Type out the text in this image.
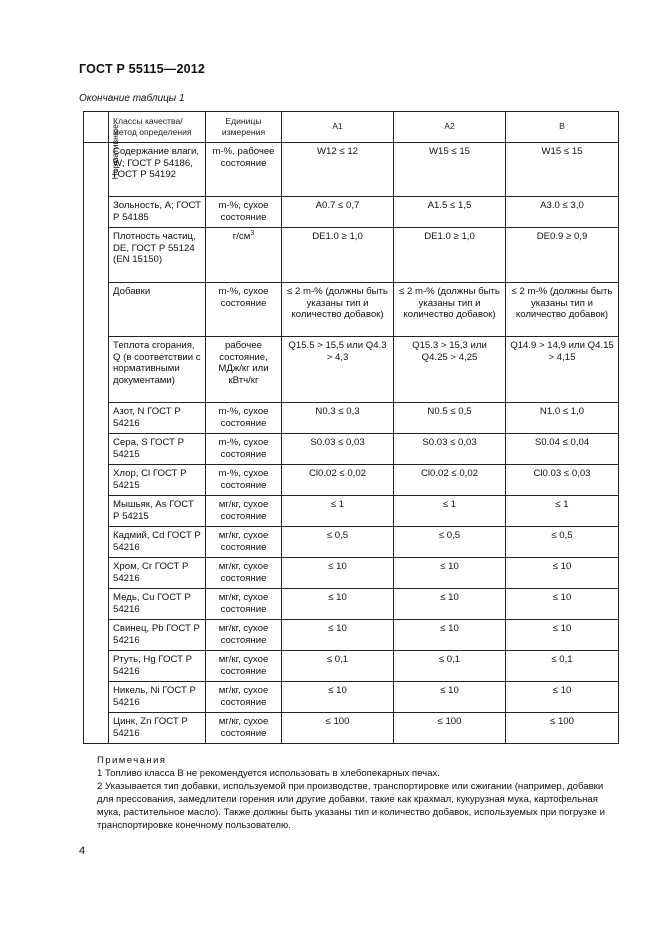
ГОСТ Р 55115—2012
Окончание таблицы 1
	Классы качества/ метод определения	Единицы измерения	А1	А2	В
Нормативные	Содержание влаги, W; ГОСТ Р 54186, ГОСТ Р 54192	m-%, рабочее состояние	W12 ≤ 12	W15 ≤ 15	W15 ≤ 15
	Зольность, A; ГОСТ Р 54185	m-%, сухое состояние	A0.7 ≤ 0,7	A1.5 ≤ 1,5	A3.0 ≤ 3,0
	Плотность частиц, DE, ГОСТ Р 55124 (EN 15150)	$г/см^3$	DE1.0 ≥ 1,0	DE1.0 ≥ 1,0	DE0.9 ≥ 0,9
	Добавки	m-%, сухое состояние	≤ 2 m-% (должны быть указаны тип и количество добавок)	≤ 2 m-% (должны быть указаны тип и количество добавок)	≤ 2 m-% (должны быть указаны тип и количество добавок)
	Теплота сгорания, Q (в соответствии с нормативными документами)	рабочее состояние, МДж/кг или кВтч/кг	Q15.5 > 15,5 или Q4.3 > 4,3	Q15.3 > 15,3 или Q4.25 > 4,25	Q14.9 > 14,9 или Q4.15 > 4,15
	Азот, N ГОСТ Р 54216	m-%, сухое состояние	N0.3 ≤ 0,3	N0.5 ≤ 0,5	N1.0 ≤ 1,0
	Сера, S ГОСТ Р 54215	m-%, сухое состояние	S0.03 ≤ 0,03	S0.03 ≤ 0,03	S0.04 ≤ 0,04
	Хлор, Cl ГОСТ Р 54215	m-%, сухое состояние	Cl0.02 ≤ 0,02	Cl0.02 ≤ 0,02	Cl0.03 ≤ 0,03
	Мышьяк, As ГОСТ Р 54215	мг/кг, сухое состояние	≤ 1	≤ 1	≤ 1
	Кадмий, Cd ГОСТ Р 54216	мг/кг, сухое состояние	≤ 0,5	≤ 0,5	≤ 0,5
	Хром, Cr ГОСТ Р 54216	мг/кг, сухое состояние	≤ 10	≤ 10	≤ 10
	Медь, Cu ГОСТ Р 54216	мг/кг, сухое состояние	≤ 10	≤ 10	≤ 10
	Свинец, Pb ГОСТ Р 54216	мг/кг, сухое состояние	≤ 10	≤ 10	≤ 10
	Ртуть, Hg ГОСТ Р 54216	мг/кг, сухое состояние	≤ 0,1	≤ 0,1	≤ 0,1
	Никель, Ni ГОСТ Р 54216	мг/кг, сухое состояние	≤ 10	≤ 10	≤ 10
	Цинк, Zn ГОСТ Р 54216	мг/кг, сухое состояние	≤ 100	≤ 100	≤ 100

Примечания

1 Топливо класса В не рекомендуется использовать в хлебопекарных печах.

2 Указывается тип добавки, используемой при производстве, транспортировке или сжигании (например, добавки для прессования, замедлители горения или другие добавки, такие как крахмал, кукурузная мука, картофельная мука, растительное масло). Также должны быть указаны тип и количество добавок, используемых при погрузке и транспортировке конечному пользователю.

4
